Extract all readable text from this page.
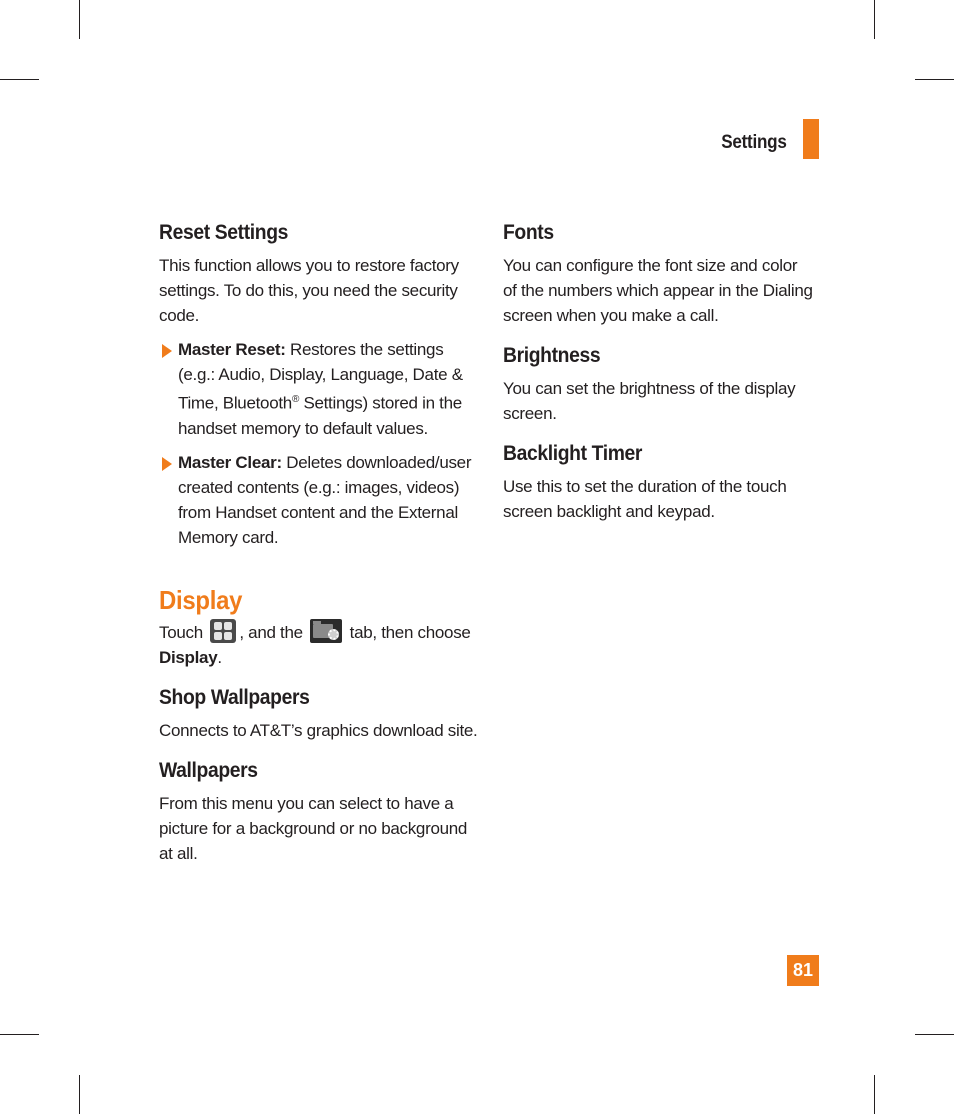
Settings
Reset Settings

This function allows you to restore factory settings. To do this, you need the security code.

Master Reset: Restores the settings (e.g.: Audio, Display, Language, Date & Time, Bluetooth® Settings) stored in the handset memory to default values.

Master Clear: Deletes downloaded/user created contents (e.g.: images, videos) from Handset content and the External Memory card.

Display

Touch , and the
tab, then choose Display.

Shop Wallpapers

Connects to AT&T’s graphics download site.

Wallpapers

From this menu you can select to have a picture for a background or no background at all.

Fonts

You can configure the font size and color of the numbers which appear in the Dialing screen when you make a call.

Brightness

You can set the brightness of the display screen.

Backlight Timer

Use this to set the duration of the touch screen backlight and keypad.

81
